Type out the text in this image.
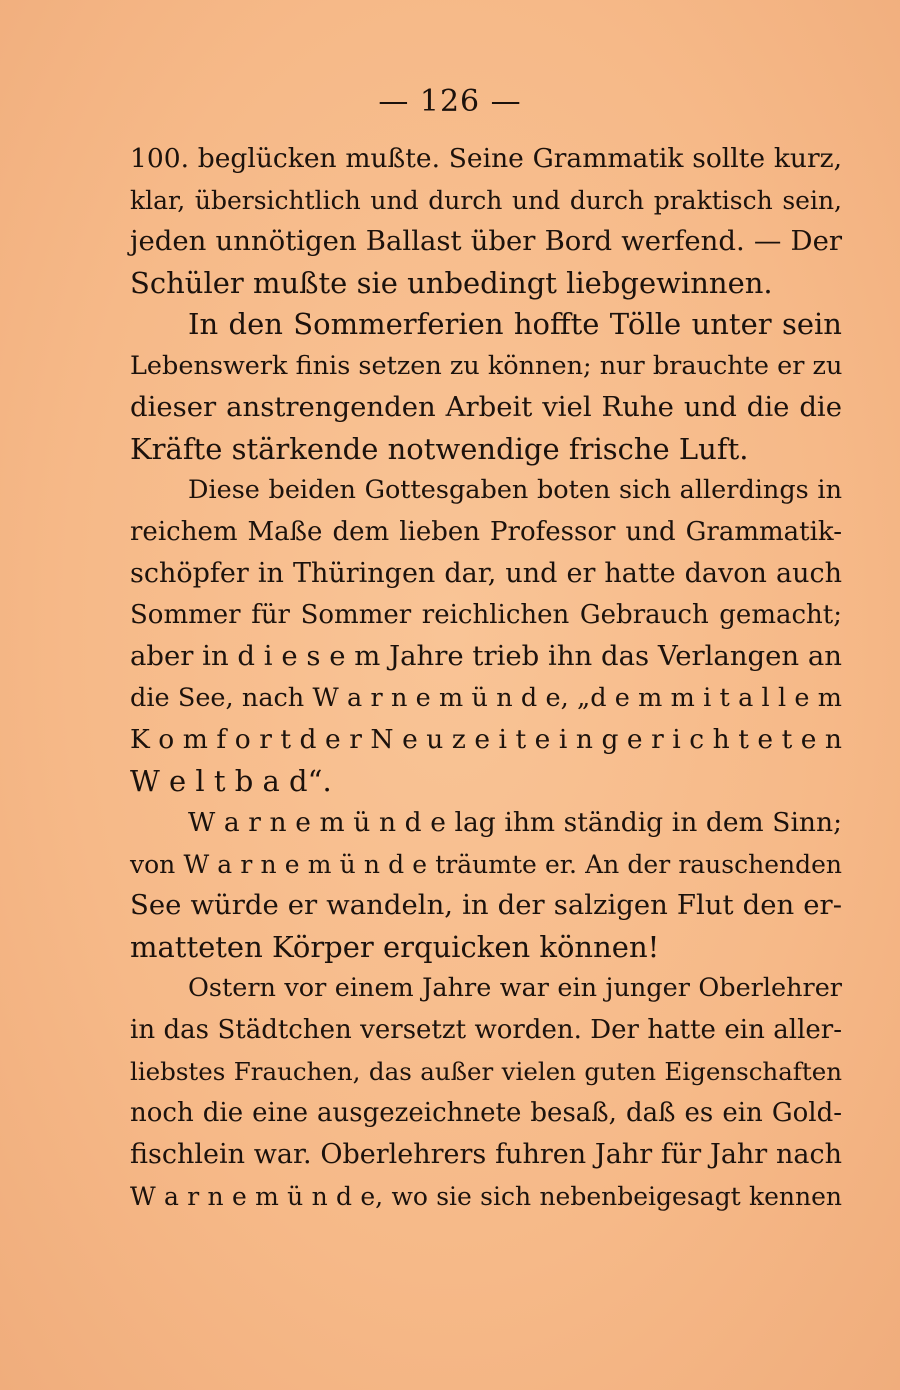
— 126 —
100. beglücken mußte. Seine Grammatik sollte kurz,
klar, übersichtlich und durch und durch praktisch sein,
jeden unnötigen Ballast über Bord werfend. — Der
Schüler mußte sie unbedingt liebgewinnen.
In den Sommerferien hoffte Tölle unter sein
Lebenswerk finis setzen zu können; nur brauchte er zu
dieser anstrengenden Arbeit viel Ruhe und die die
Kräfte stärkende notwendige frische Luft.
Diese beiden Gottesgaben boten sich allerdings in
reichem Maße dem lieben Professor und Grammatik-
schöpfer in Thüringen dar, und er hatte davon auch
Sommer für Sommer reichlichen Gebrauch gemacht;
aber in d i e s e m Jahre trieb ihn das Verlangen an
die See, nach W a r n e m ü n d e, „d e m m i t a l l e m
K o m f o r t d e r N e u z e i t e i n g e r i c h t e t e n
W e l t b a d“.
W a r n e m ü n d e lag ihm ständig in dem Sinn;
von W a r n e m ü n d e träumte er. An der rauschenden
See würde er wandeln, in der salzigen Flut den er-
matteten Körper erquicken können!
Ostern vor einem Jahre war ein junger Oberlehrer
in das Städtchen versetzt worden. Der hatte ein aller-
liebstes Frauchen, das außer vielen guten Eigenschaften
noch die eine ausgezeichnete besaß, daß es ein Gold-
fischlein war. Oberlehrers fuhren Jahr für Jahr nach
W a r n e m ü n d e, wo sie sich nebenbeigesagt kennen
